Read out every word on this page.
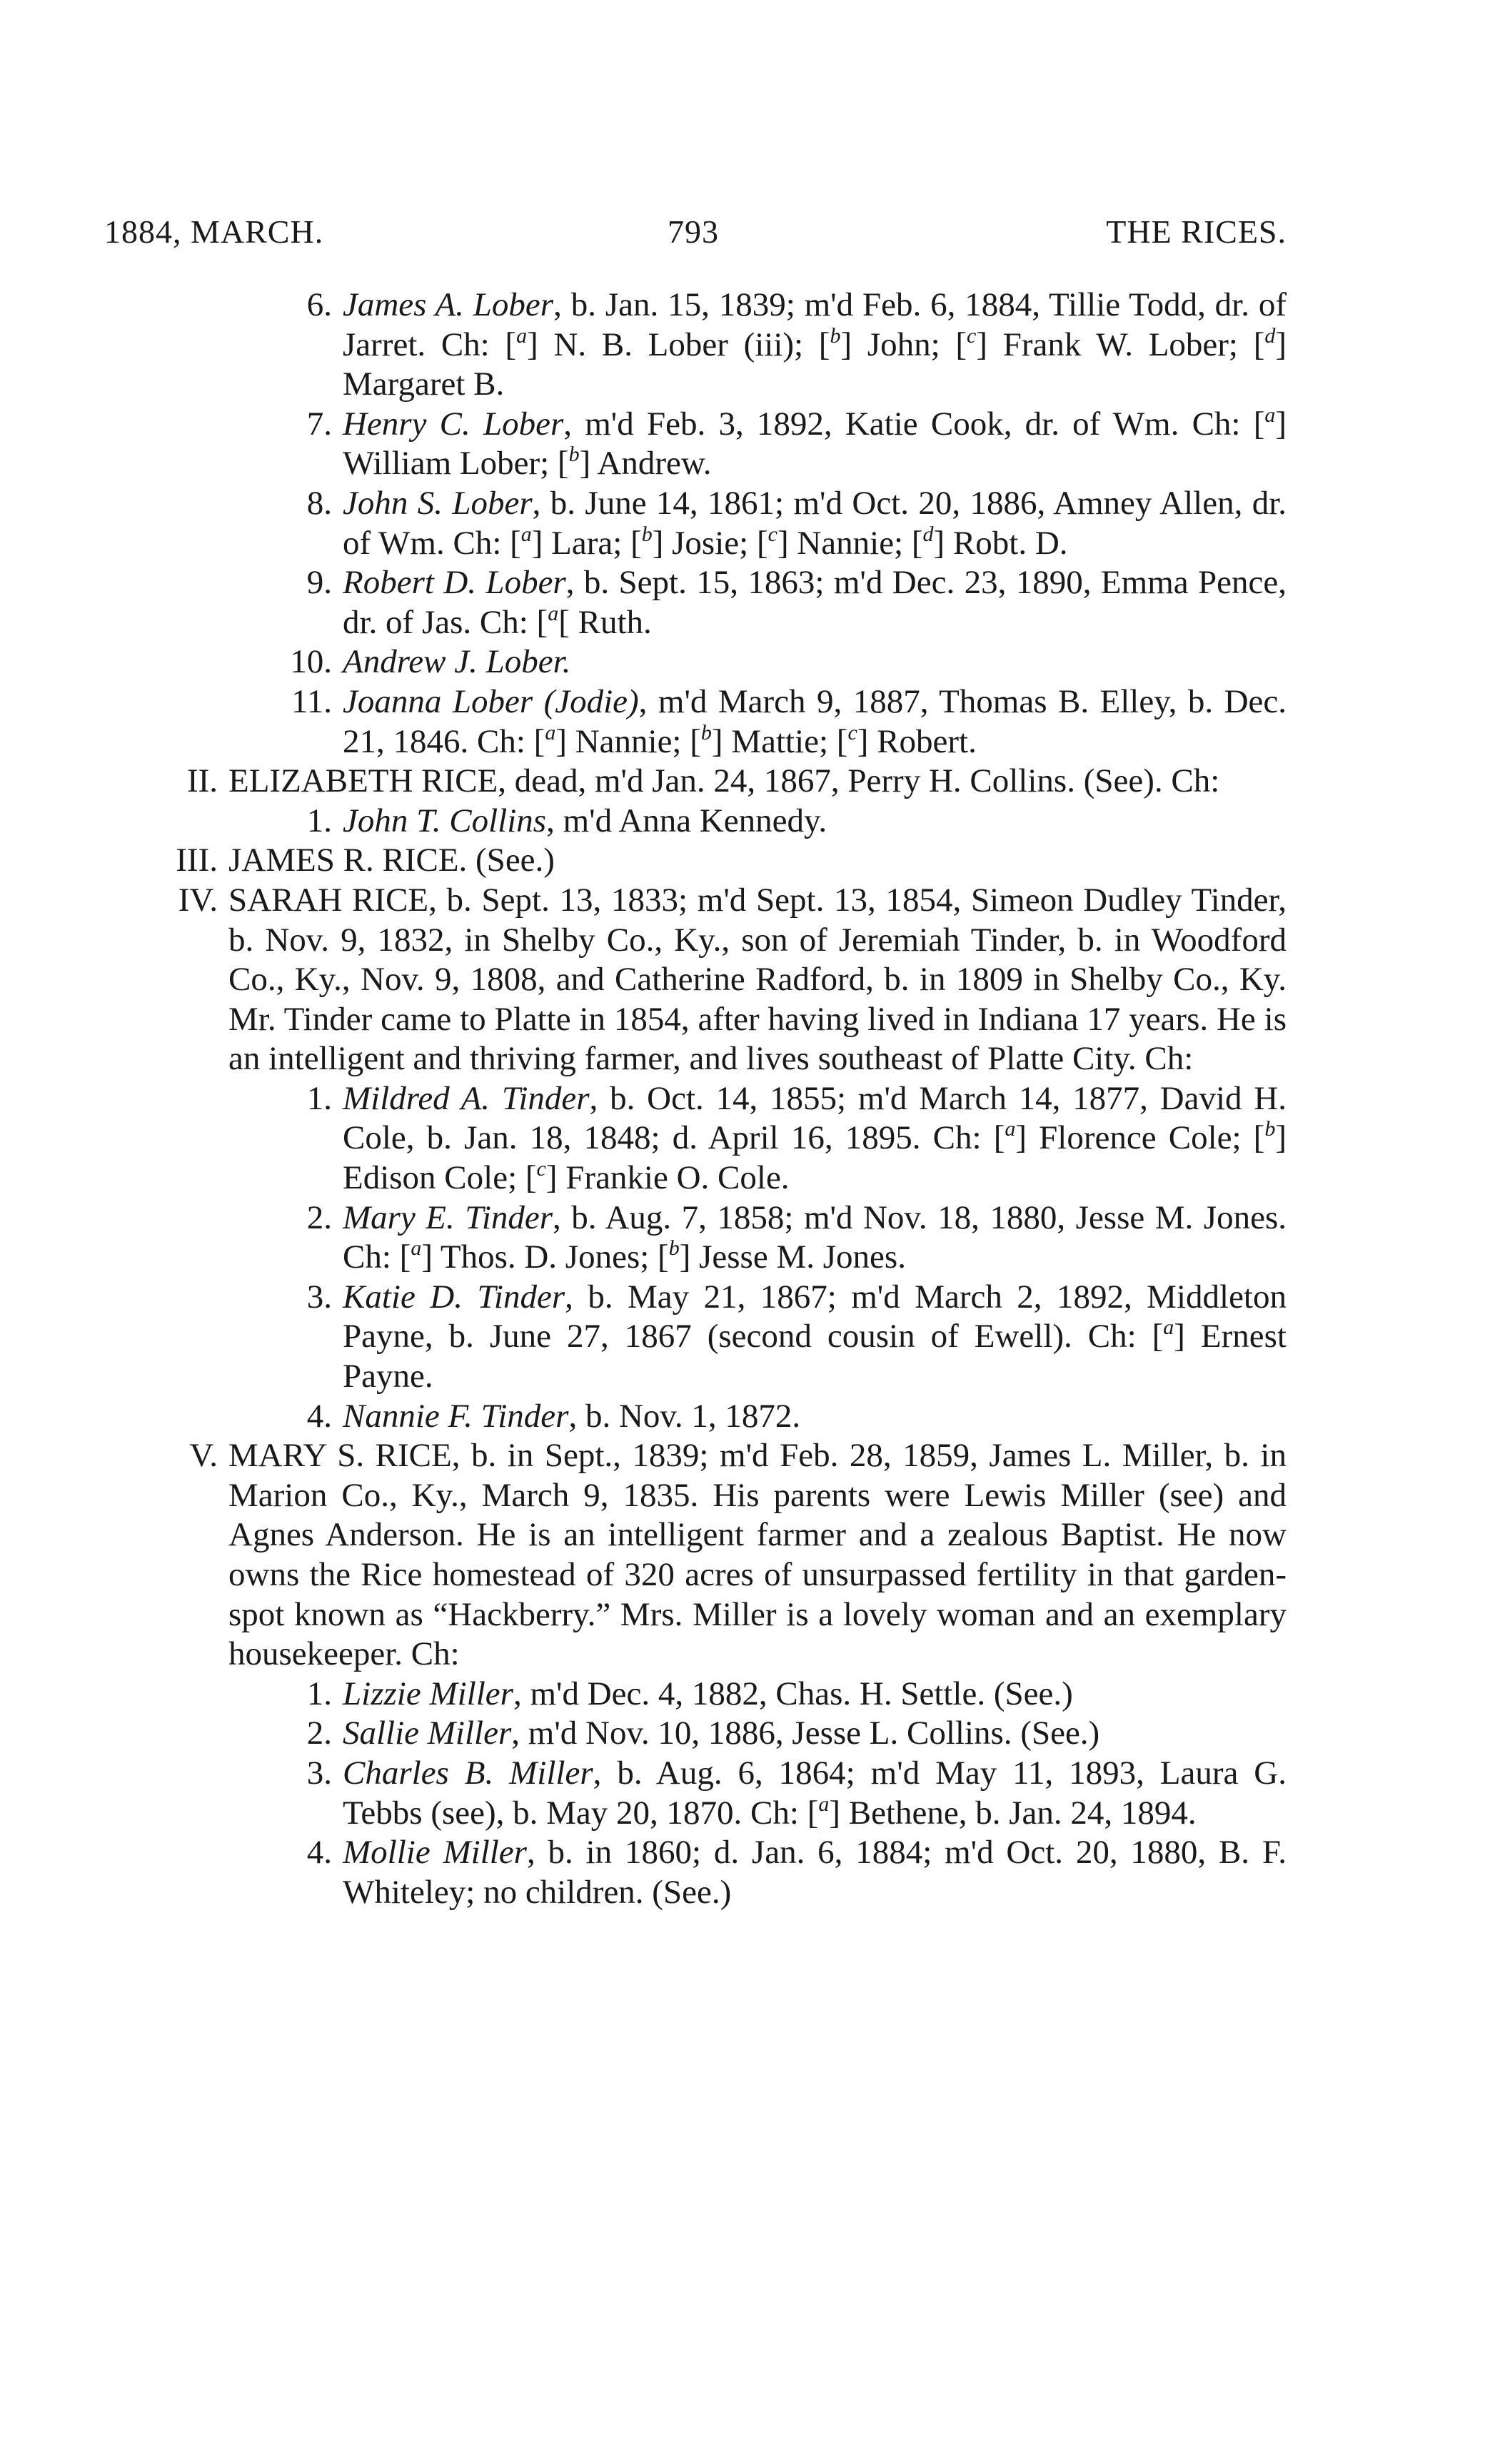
1884, MARCH.	793	THE RICES.
6. James A. Lober, b. Jan. 15, 1839; m'd Feb. 6, 1884, Tillie Todd, dr. of Jarret. Ch: [$^a$] N. B. Lober (iii); [$^b$] John; [$^c$] Frank W. Lober; [$^d$] Margaret B.
7. Henry C. Lober, m'd Feb. 3, 1892, Katie Cook, dr. of Wm. Ch: [$^a$] William Lober; [$^b$] Andrew.
8. John S. Lober, b. June 14, 1861; m'd Oct. 20, 1886, Amney Allen, dr. of Wm. Ch: [$^a$] Lara; [$^b$] Josie; [$^c$] Nannie; [$^d$] Robt. D.
9. Robert D. Lober, b. Sept. 15, 1863; m'd Dec. 23, 1890, Emma Pence, dr. of Jas. Ch: [$^a$[ Ruth.
10. Andrew J. Lober.
11. Joanna Lober (Jodie), m'd March 9, 1887, Thomas B. Elley, b. Dec. 21, 1846. Ch: [$^a$] Nannie; [$^b$] Mattie; [$^c$] Robert.
II. ELIZABETH RICE, dead, m'd Jan. 24, 1867, Perry H. Collins. (See). Ch:
1. John T. Collins, m'd Anna Kennedy.
III. JAMES R. RICE. (See.)
IV. SARAH RICE, b. Sept. 13, 1833; m'd Sept. 13, 1854, Simeon Dudley Tinder, b. Nov. 9, 1832, in Shelby Co., Ky., son of Jeremiah Tinder, b. in Woodford Co., Ky., Nov. 9, 1808, and Catherine Radford, b. in 1809 in Shelby Co., Ky. Mr. Tinder came to Platte in 1854, after having lived in Indiana 17 years. He is an intelligent and thriving farmer, and lives southeast of Platte City. Ch:
1. Mildred A. Tinder, b. Oct. 14, 1855; m'd March 14, 1877, David H. Cole, b. Jan. 18, 1848; d. April 16, 1895. Ch: [$^a$] Florence Cole; [$^b$] Edison Cole; [$^c$] Frankie O. Cole.
2. Mary E. Tinder, b. Aug. 7, 1858; m'd Nov. 18, 1880, Jesse M. Jones. Ch: [$^a$] Thos. D. Jones; [$^b$] Jesse M. Jones.
3. Katie D. Tinder, b. May 21, 1867; m'd March 2, 1892, Middleton Payne, b. June 27, 1867 (second cousin of Ewell). Ch: [$^a$] Ernest Payne.
4. Nannie F. Tinder, b. Nov. 1, 1872.
V. MARY S. RICE, b. in Sept., 1839; m'd Feb. 28, 1859, James L. Miller, b. in Marion Co., Ky., March 9, 1835. His parents were Lewis Miller (see) and Agnes Anderson. He is an intelligent farmer and a zealous Baptist. He now owns the Rice homestead of 320 acres of unsurpassed fertility in that garden-spot known as “Hackberry.” Mrs. Miller is a lovely woman and an exemplary housekeeper. Ch:
1. Lizzie Miller, m'd Dec. 4, 1882, Chas. H. Settle. (See.)
2. Sallie Miller, m'd Nov. 10, 1886, Jesse L. Collins. (See.)
3. Charles B. Miller, b. Aug. 6, 1864; m'd May 11, 1893, Laura G. Tebbs (see), b. May 20, 1870. Ch: [$^a$] Bethene, b. Jan. 24, 1894.
4. Mollie Miller, b. in 1860; d. Jan. 6, 1884; m'd Oct. 20, 1880, B. F. Whiteley; no children. (See.)
